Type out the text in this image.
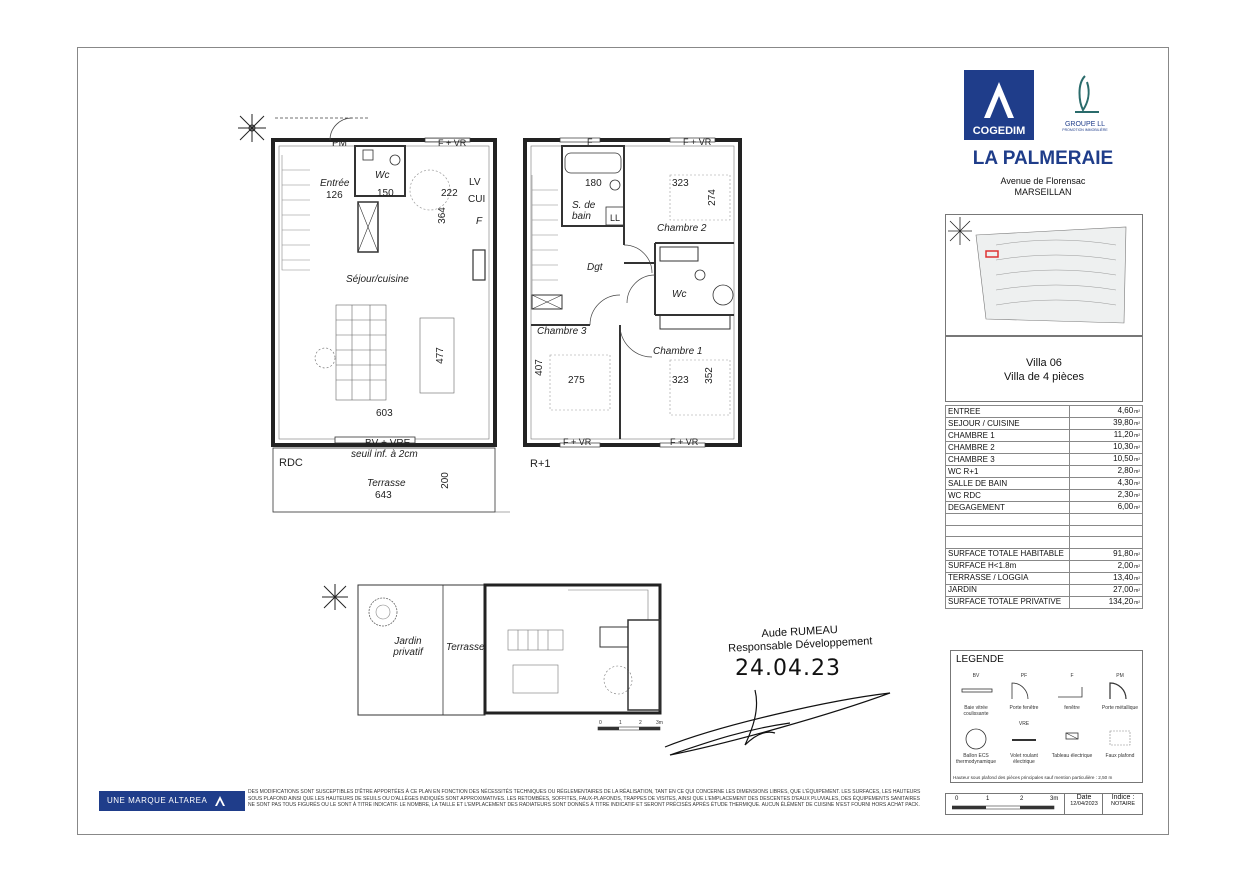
PM	F + VR
Entrée
126
Wc
150	222
LV
CUI
F
364
Séjour/cuisine
477
603
BV + VRE
seuil inf. à 2cm
RDC
Terrasse
643
200
F	F + VR
180	323
274
S. de bain	LL
Chambre 2
Dgt
Wc
Chambre 3
Chambre 1
407
275	323 352
F + VR	F + VR
R+1
Jardin
privatif	Terrasse
0	1	2	3m
Aude RUMEAU
Responsable Développement
24.04.23
COGEDIM
GROUPE LL
PROMOTION IMMOBILIÈRE
LA PALMERAIE
Avenue de Florensac
MARSEILLAN
Villa 06
Villa de 4 pièces
ENTREE	4,60m²
SEJOUR / CUISINE	39,80m²
CHAMBRE 1	11,20m²
CHAMBRE 2	10,30m²
CHAMBRE 3	10,50m²
WC R+1	2,80m²
SALLE DE BAIN	4,30m²
WC RDC	2,30m²
DEGAGEMENT	6,00m²

SURFACE TOTALE HABITABLE	91,80m²
SURFACE H<1.8m	2,00m²
TERRASSE / LOGGIA	13,40m²
JARDIN	27,00m²
SURFACE TOTALE PRIVATIVE	134,20m²
LEGENDE
BV
Baie vitrée coulissante
PF
Porte fenêtre
F
fenêtre
PM
Porte métallique
Ballon ECS thermodynamique
VRE
Volet roulant électrique
Tableau électrique	Faux plafond
Hauteur sous plafond des pièces principales sauf mention particulière : 2,50 m
0	1	2	3m	Date
12/04/2023
Indice :
NOTAIRE
UNE MARQUE ALTAREA
DES MODIFICATIONS SONT SUSCEPTIBLES D'ÊTRE APPORTÉES À CE PLAN EN FONCTION DES NÉCESSITÉS TECHNIQUES OU RÉGLEMENTAIRES DE LA RÉALISATION, TANT EN CE QUI CONCERNE LES DIMENSIONS LIBRES, QUE L'ÉQUIPEMENT. LES SURFACES, LES HAUTEURS SOUS PLAFOND AINSI QUE LES HAUTEURS DE SEUILS OU D'ALLÈGES INDIQUÉS SONT APPROXIMATIVES. LES RETOMBÉES, SOFFITES, FAUX-PLAFONDS, TRAPPES DE VISITES, AINSI QUE L'EMPLACEMENT DES DESCENTES D'EAUX PLUVIALES, DES ÉQUIPEMENTS SANITAIRES NE SONT PAS TOUS FIGURÉS OU LE SONT À TITRE INDICATIF. LE NOMBRE, LA TAILLE ET L'EMPLACEMENT DES RADIATEURS SONT DONNÉS À TITRE INDICATIF ET SERONT PRÉCISÉS APRÈS ÉTUDE THERMIQUE. AUCUN ÉLÉMENT DE CUISINE N'EST FOURNI HORS ACHAT PACK.
